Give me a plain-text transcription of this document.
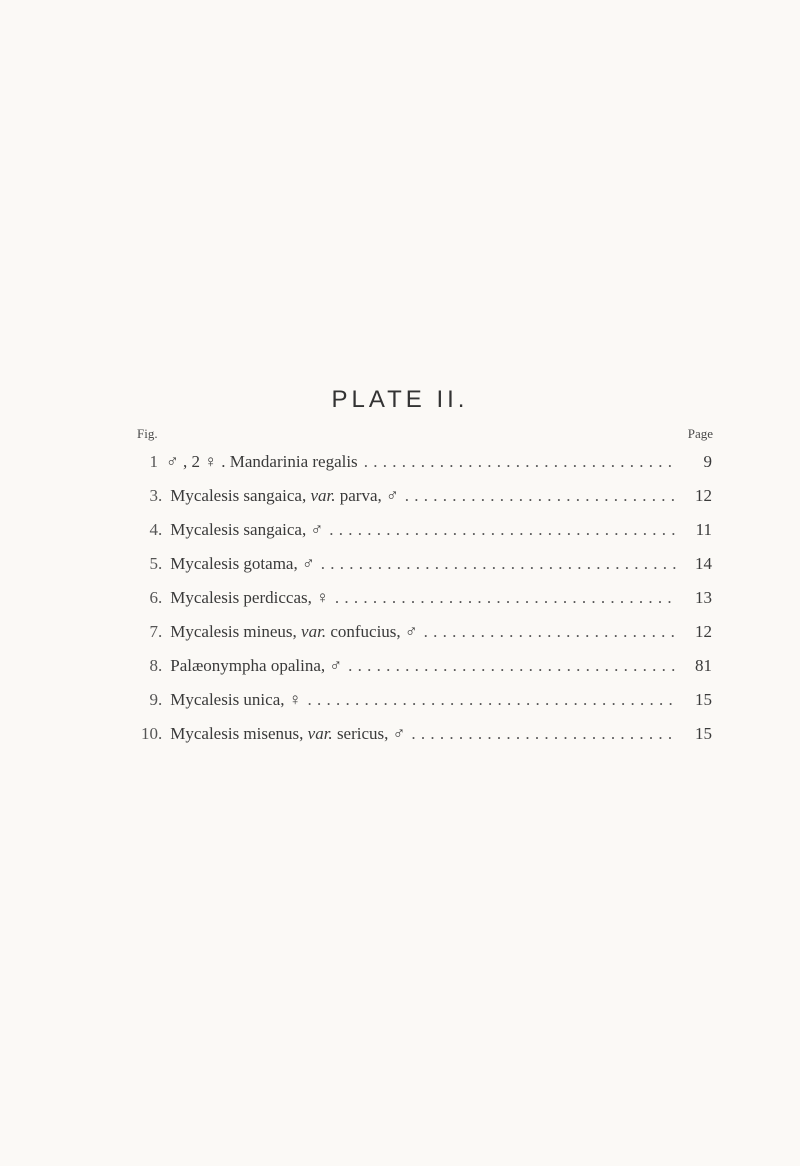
PLATE II.
Fig.	Page
1 ♂ , 2 ♀ . Mandarinia regalis . . .	9
3 . Mycalesis sangaica, var. parva, ♂ . . .	12
4 . Mycalesis sangaica, ♂ . . .	11
5 . Mycalesis gotama, ♂ . . .	14
6 . Mycalesis perdiccas, ♀ . . .	13
7 . Mycalesis mineus, var. confucius, ♂ . . .	12
8 . Palæonympha opalina, ♂ . . .	81
9 . Mycalesis unica, ♀ . . .	15
10 . Mycalesis misenus, var. sericus, ♂ . . .	15
